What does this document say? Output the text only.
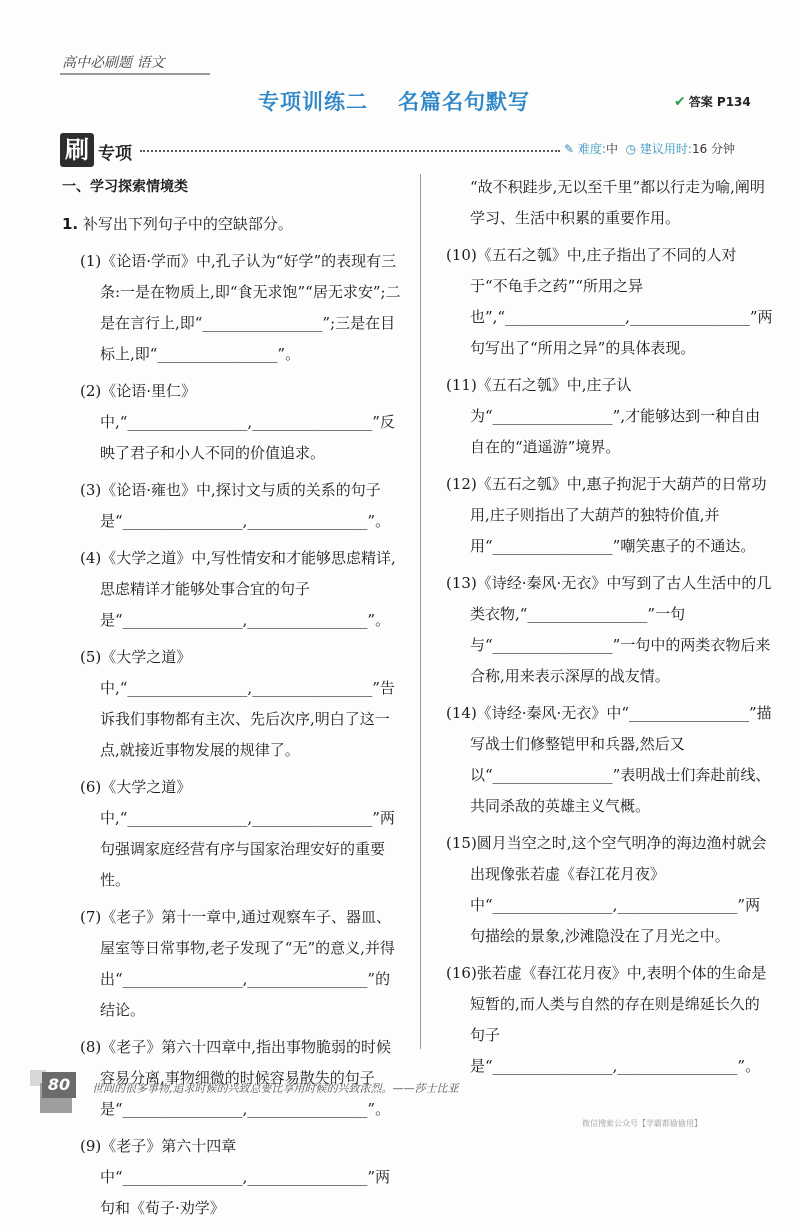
高中必刷题 语文
专项训练二 名篇名句默写	✔ 答案 P134
刷 专项	✎ 难度:中 ◷ 建议用时:16 分钟

一、学习探索情境类

1. 补写出下列句子中的空缺部分。

(1)《论语·学而》中,孔子认为“好学”的表现有三条:一是在物质上,即“食无求饱”“居无求安”;二是在言行上,即“________________”;三是在目标上,即“________________”。

(2)《论语·里仁》中,“________________,________________”反映了君子和小人不同的价值追求。

(3)《论语·雍也》中,探讨文与质的关系的句子是“________________,________________”。

(4)《大学之道》中,写性情安和才能够思虑精详,思虑精详才能够处事合宜的句子是“________________,________________”。

(5)《大学之道》中,“________________,________________”告诉我们事物都有主次、先后次序,明白了这一点,就接近事物发展的规律了。

(6)《大学之道》中,“________________,________________”两句强调家庭经营有序与国家治理安好的重要性。

(7)《老子》第十一章中,通过观察车子、器皿、屋室等日常事物,老子发现了“无”的意义,并得出“________________,________________”的结论。

(8)《老子》第六十四章中,指出事物脆弱的时候容易分离,事物细微的时候容易散失的句子是“________________,________________”。

(9)《老子》第六十四章中“________________,________________”两句和《荀子·劝学》

“故不积跬步,无以至千里”都以行走为喻,阐明学习、生活中积累的重要作用。

(10)《五石之瓠》中,庄子指出了不同的人对于“不龟手之药”“所用之异也”,“________________,________________”两句写出了“所用之异”的具体表现。

(11)《五石之瓠》中,庄子认为“________________”,才能够达到一种自由自在的“逍遥游”境界。

(12)《五石之瓠》中,惠子拘泥于大葫芦的日常功用,庄子则指出了大葫芦的独特价值,并用“________________”嘲笑惠子的不通达。

(13)《诗经·秦风·无衣》中写到了古人生活中的几类衣物,“________________”一句与“________________”一句中的两类衣物后来合称,用来表示深厚的战友情。

(14)《诗经·秦风·无衣》中“________________”描写战士们修整铠甲和兵器,然后又以“________________”表明战士们奔赴前线、共同杀敌的英雄主义气概。

(15)圆月当空之时,这个空气明净的海边渔村就会出现像张若虚《春江花月夜》中“________________,________________”两句描绘的景象,沙滩隐没在了月光之中。

(16)张若虚《春江花月夜》中,表明个体的生命是短暂的,而人类与自然的存在则是绵延长久的句子是“________________,________________”。

80	世间的很多事物,追求时候的兴致总要比享用时候的兴致浓烈。——莎士比亚
微信搜索公众号【学霸都偷偷用】
